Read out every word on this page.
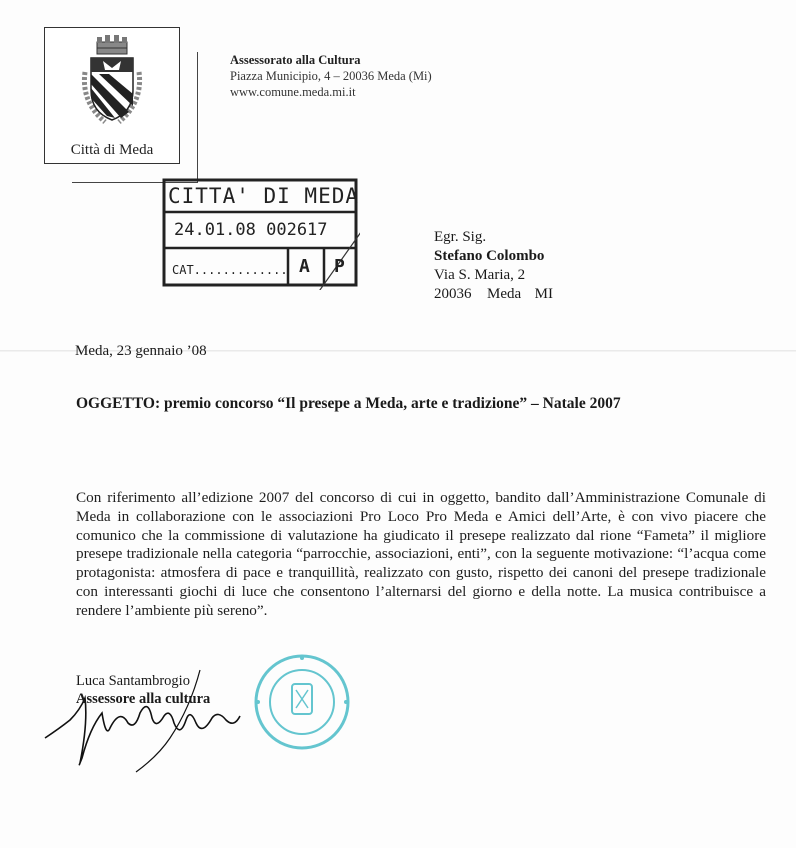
Città di Meda
Assessorato alla Cultura
Piazza Municipio, 4 – 20036 Meda (Mi)
www.comune.meda.mi.it
CITTA' DI MEDA
24.01.08 002617
CAT............. A P
Egr. Sig.
Stefano Colombo
Via S. Maria, 2
20036 Meda MI
Meda, 23 gennaio ’08
OGGETTO: premio concorso “Il presepe a Meda, arte e tradizione” – Natale 2007
Con riferimento all’edizione 2007 del concorso di cui in oggetto, bandito dall’Amministrazione Comunale di Meda in collaborazione con le associazioni Pro Loco Pro Meda e Amici dell’Arte, è con vivo piacere che comunico che la commissione di valutazione ha giudicato il presepe realizzato dal rione “Fameta” il migliore presepe tradizionale nella categoria “parrocchie, associazioni, enti”, con la seguente motivazione: “l’acqua come protagonista: atmosfera di pace e tranquillità, realizzato con gusto, rispetto dei canoni del presepe tradizionale con interessanti giochi di luce che consentono l’alternarsi del giorno e della notte. La musica contribuisce a rendere l’ambiente più sereno”.
Luca Santambrogio
Assessore alla cultura
